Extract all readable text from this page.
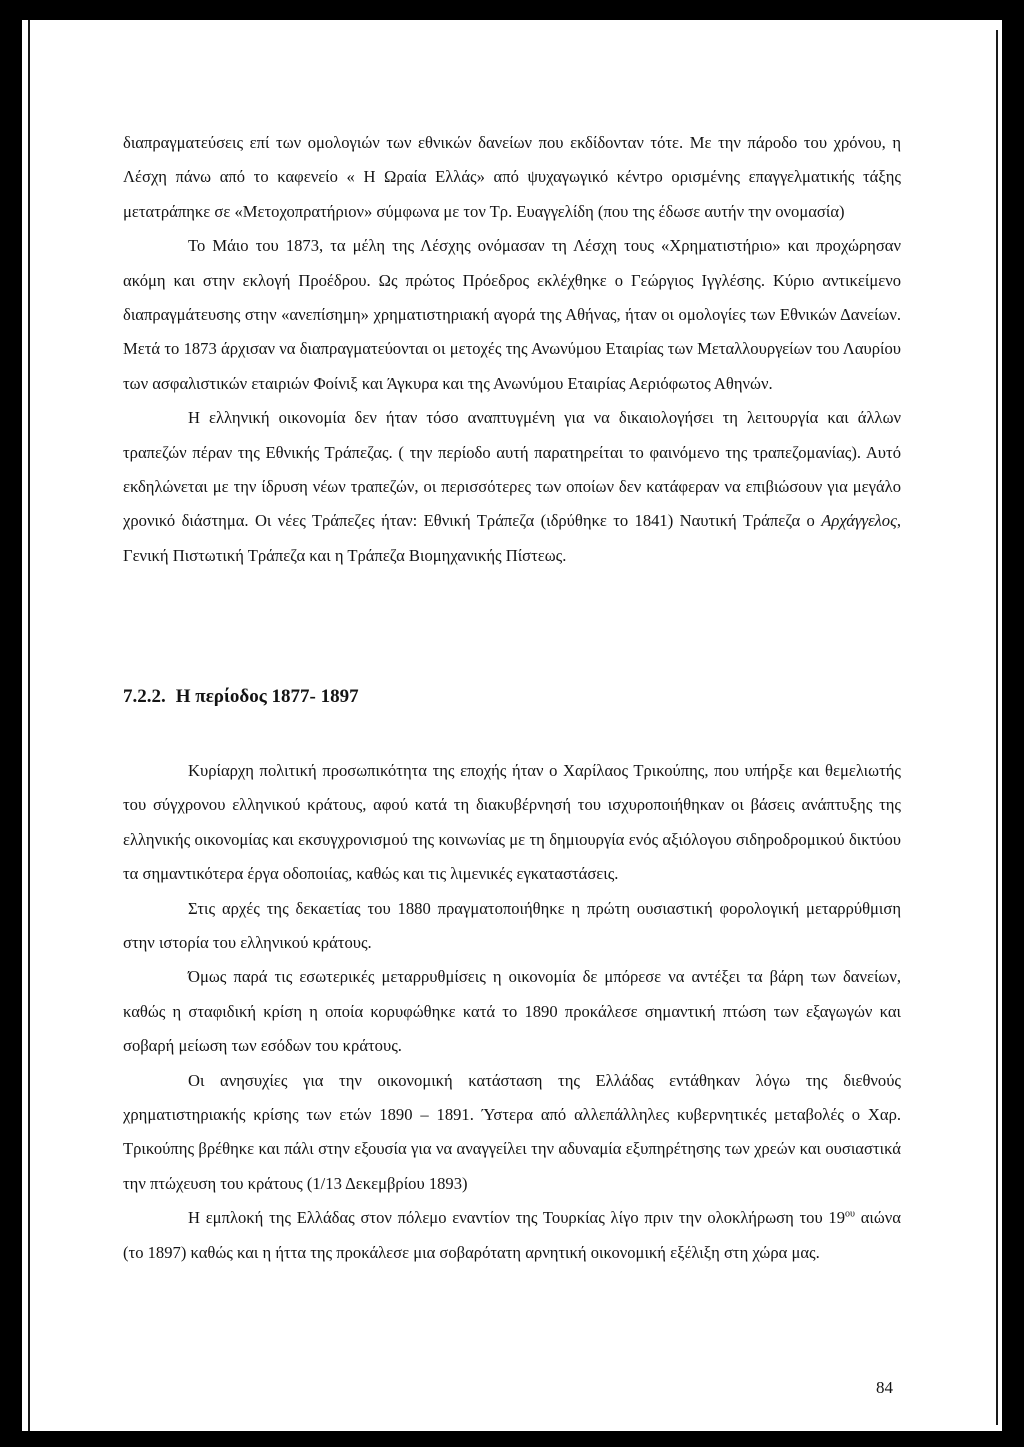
διαπραγματεύσεις επί των ομολογιών των εθνικών δανείων που εκδίδονταν τότε. Με την πάροδο του χρόνου, η Λέσχη πάνω από το καφενείο « Η Ωραία Ελλάς» από ψυχαγωγικό κέντρο ορισμένης επαγγελματικής τάξης μετατράπηκε σε «Μετοχοπρατήριον» σύμφωνα με τον Τρ. Ευαγγελίδη (που της έδωσε αυτήν την ονομασία)

Το Μάιο του 1873, τα μέλη της Λέσχης ονόμασαν τη Λέσχη τους «Χρηματιστήριο» και προχώρησαν ακόμη και στην εκλογή Προέδρου. Ως πρώτος Πρόεδρος εκλέχθηκε ο Γεώργιος Ιγγλέσης. Κύριο αντικείμενο διαπραγμάτευσης στην «ανεπίσημη» χρηματιστηριακή αγορά της Αθήνας, ήταν οι ομολογίες των Εθνικών Δανείων. Μετά το 1873 άρχισαν να διαπραγματεύονται οι μετοχές της Ανωνύμου Εταιρίας των Μεταλλουργείων του Λαυρίου των ασφαλιστικών εταιριών Φοίνιξ και Άγκυρα και της Ανωνύμου Εταιρίας Αεριόφωτος Αθηνών.

Η ελληνική οικονομία δεν ήταν τόσο αναπτυγμένη για να δικαιολογήσει τη λειτουργία και άλλων τραπεζών πέραν της Εθνικής Τράπεζας. ( την περίοδο αυτή παρατηρείται το φαινόμενο της τραπεζομανίας). Αυτό εκδηλώνεται με την ίδρυση νέων τραπεζών, οι περισσότερες των οποίων δεν κατάφεραν να επιβιώσουν για μεγάλο χρονικό διάστημα. Οι νέες Τράπεζες ήταν: Εθνική Τράπεζα (ιδρύθηκε το 1841) Ναυτική Τράπεζα ο Αρχάγγελος, Γενική Πιστωτική Τράπεζα και η Τράπεζα Βιομηχανικής Πίστεως.

7.2.2. Η περίοδος 1877- 1897

Κυρίαρχη πολιτική προσωπικότητα της εποχής ήταν ο Χαρίλαος Τρικούπης, που υπήρξε και θεμελιωτής του σύγχρονου ελληνικού κράτους, αφού κατά τη διακυβέρνησή του ισχυροποιήθηκαν οι βάσεις ανάπτυξης της ελληνικής οικονομίας και εκσυγχρονισμού της κοινωνίας με τη δημιουργία ενός αξιόλογου σιδηροδρομικού δικτύου τα σημαντικότερα έργα οδοποιίας, καθώς και τις λιμενικές εγκαταστάσεις.

Στις αρχές της δεκαετίας του 1880 πραγματοποιήθηκε η πρώτη ουσιαστική φορολογική μεταρρύθμιση στην ιστορία του ελληνικού κράτους.

Όμως παρά τις εσωτερικές μεταρρυθμίσεις η οικονομία δε μπόρεσε να αντέξει τα βάρη των δανείων, καθώς η σταφιδική κρίση η οποία κορυφώθηκε κατά το 1890 προκάλεσε σημαντική πτώση των εξαγωγών και σοβαρή μείωση των εσόδων του κράτους.

Οι ανησυχίες για την οικονομική κατάσταση της Ελλάδας εντάθηκαν λόγω της διεθνούς χρηματιστηριακής κρίσης των ετών 1890 – 1891. Ύστερα από αλλεπάλληλες κυβερνητικές μεταβολές ο Χαρ. Τρικούπης βρέθηκε και πάλι στην εξουσία για να αναγγείλει την αδυναμία εξυπηρέτησης των χρεών και ουσιαστικά την πτώχευση του κράτους (1/13 Δεκεμβρίου 1893)

Η εμπλοκή της Ελλάδας στον πόλεμο εναντίον της Τουρκίας λίγο πριν την ολοκλήρωση του $19^{o\upsilon}$ αιώνα (το 1897) καθώς και η ήττα της προκάλεσε μια σοβαρότατη αρνητική οικονομική εξέλιξη στη χώρα μας.

84
